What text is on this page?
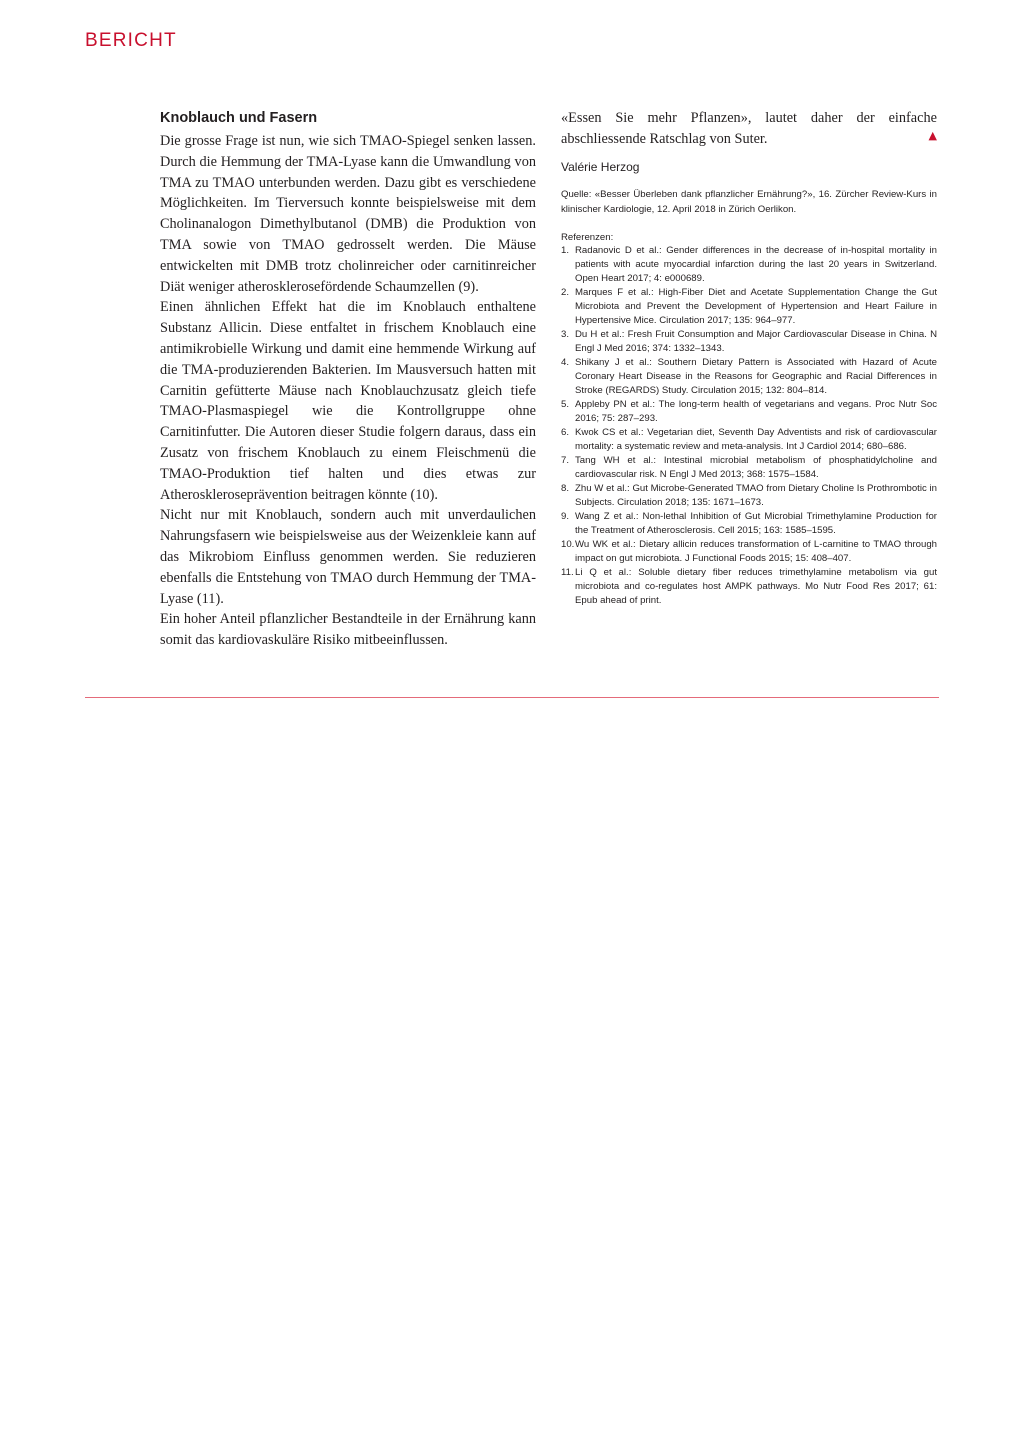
BERICHT
Knoblauch und Fasern

Die grosse Frage ist nun, wie sich TMAO-Spiegel senken lassen. Durch die Hemmung der TMA-Lyase kann die Umwandlung von TMA zu TMAO unterbunden werden. Dazu gibt es verschiedene Möglichkeiten. Im Tierversuch konnte beispielsweise mit dem Cholinanalogon Dimethylbutanol (DMB) die Produktion von TMA sowie von TMAO gedrosselt werden. Die Mäuse entwickelten mit DMB trotz cholinreicher oder carnitinreicher Diät weniger atherosklerosefördende Schaumzellen (9).

Einen ähnlichen Effekt hat die im Knoblauch enthaltene Substanz Allicin. Diese entfaltet in frischem Knoblauch eine antimikrobielle Wirkung und damit eine hemmende Wirkung auf die TMA-produzierenden Bakterien. Im Mausversuch hatten mit Carnitin gefütterte Mäuse nach Knoblauchzusatz gleich tiefe TMAO-Plasmaspiegel wie die Kontrollgruppe ohne Carnitinfutter. Die Autoren dieser Studie folgern daraus, dass ein Zusatz von frischem Knoblauch zu einem Fleischmenü die TMAO-Produktion tief halten und dies etwas zur Atheroskleroseprävention beitragen könnte (10).

Nicht nur mit Knoblauch, sondern auch mit unverdaulichen Nahrungsfasern wie beispielsweise aus der Weizenkleie kann auf das Mikrobiom Einfluss genommen werden. Sie reduzieren ebenfalls die Entstehung von TMAO durch Hemmung der TMA-Lyase (11).

Ein hoher Anteil pflanzlicher Bestandteile in der Ernährung kann somit das kardiovaskuläre Risiko mitbeeinflussen.

«Essen Sie mehr Pflanzen», lautet daher der einfache abschliessende Ratschlag von Suter.	▲

Valérie Herzog

Quelle: «Besser Überleben dank pflanzlicher Ernährung?», 16. Zürcher Review-Kurs in klinischer Kardiologie, 12. April 2018 in Zürich Oerlikon.

Referenzen:

1. Radanovic D et al.: Gender differences in the decrease of in-hospital mortality in patients with acute myocardial infarction during the last 20 years in Switzerland. Open Heart 2017; 4: e000689.
2. Marques F et al.: High-Fiber Diet and Acetate Supplementation Change the Gut Microbiota and Prevent the Development of Hypertension and Heart Failure in Hypertensive Mice. Circulation 2017; 135: 964–977.
3. Du H et al.: Fresh Fruit Consumption and Major Cardiovascular Disease in China. N Engl J Med 2016; 374: 1332–1343.
4. Shikany J et al.: Southern Dietary Pattern is Associated with Hazard of Acute Coronary Heart Disease in the Reasons for Geographic and Racial Differences in Stroke (REGARDS) Study. Circulation 2015; 132: 804–814.
5. Appleby PN et al.: The long-term health of vegetarians and vegans. Proc Nutr Soc 2016; 75: 287–293.
6. Kwok CS et al.: Vegetarian diet, Seventh Day Adventists and risk of cardiovascular mortality: a systematic review and meta-analysis. Int J Cardiol 2014; 680–686.
7. Tang WH et al.: Intestinal microbial metabolism of phosphatidylcholine and cardiovascular risk. N Engl J Med 2013; 368: 1575–1584.
8. Zhu W et al.: Gut Microbe-Generated TMAO from Dietary Choline Is Prothrombotic in Subjects. Circulation 2018; 135: 1671–1673.
9. Wang Z et al.: Non-lethal Inhibition of Gut Microbial Trimethylamine Production for the Treatment of Atherosclerosis. Cell 2015; 163: 1585–1595.
10. Wu WK et al.: Dietary allicin reduces transformation of L-carnitine to TMAO through impact on gut microbiota. J Functional Foods 2015; 15: 408–407.
11. Li Q et al.: Soluble dietary fiber reduces trimethylamine metabolism via gut microbiota and co-regulates host AMPK pathways. Mo Nutr Food Res 2017; 61: Epub ahead of print.
